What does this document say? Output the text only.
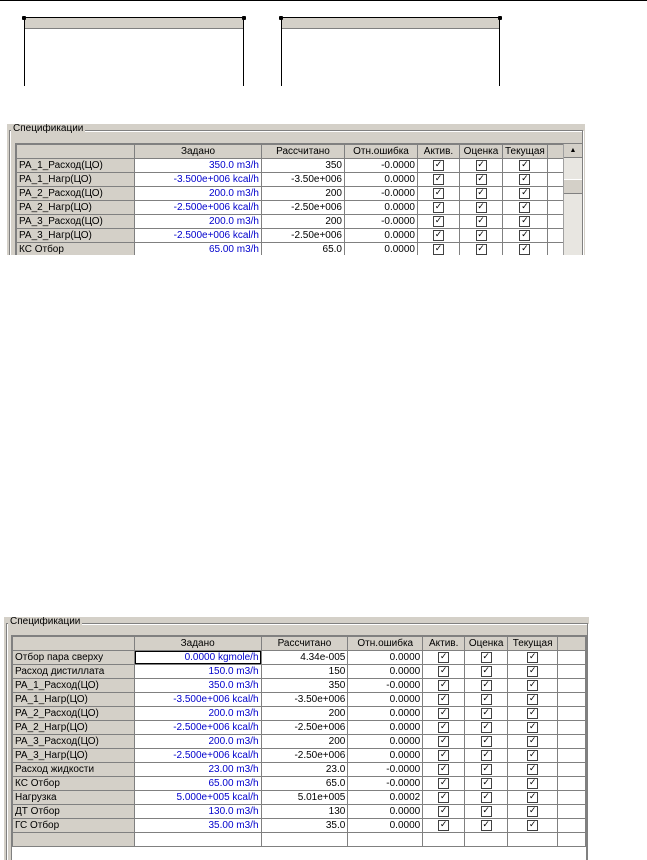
Спецификации
	Задано	Рассчитано	Отн.ошибка	Актив.	Оценка	Текущая	
PA_1_Расход(ЦО)	350.0 m3/h	350	-0.0000	✓	✓	✓	
PA_1_Нагр(ЦО)	-3.500e+006 kcal/h	-3.50e+006	0.0000	✓	✓	✓	
PA_2_Расход(ЦО)	200.0 m3/h	200	-0.0000	✓	✓	✓	
PA_2_Нагр(ЦО)	-2.500e+006 kcal/h	-2.50e+006	0.0000	✓	✓	✓	
PA_3_Расход(ЦО)	200.0 m3/h	200	-0.0000	✓	✓	✓	
PA_3_Нагр(ЦО)	-2.500e+006 kcal/h	-2.50e+006	0.0000	✓	✓	✓	
КС Отбор	65.00 m3/h	65.0	0.0000	✓	✓	✓	
▲
Спецификации
	Задано	Рассчитано	Отн.ошибка	Актив.	Оценка	Текущая	
Отбор пара сверху	0.0000 kgmole/h	4.34e-005	0.0000	✓	✓	✓	
Расход дистиллата	150.0 m3/h	150	0.0000	✓	✓	✓	
PA_1_Расход(ЦО)	350.0 m3/h	350	-0.0000	✓	✓	✓	
PA_1_Нагр(ЦО)	-3.500e+006 kcal/h	-3.50e+006	0.0000	✓	✓	✓	
PA_2_Расход(ЦО)	200.0 m3/h	200	0.0000	✓	✓	✓	
PA_2_Нагр(ЦО)	-2.500e+006 kcal/h	-2.50e+006	0.0000	✓	✓	✓	
PA_3_Расход(ЦО)	200.0 m3/h	200	0.0000	✓	✓	✓	
PA_3_Нагр(ЦО)	-2.500e+006 kcal/h	-2.50e+006	0.0000	✓	✓	✓	
Расход жидкости	23.00 m3/h	23.0	-0.0000	✓	✓	✓	
КС Отбор	65.00 m3/h	65.0	-0.0000	✓	✓	✓	
Нагрузка	5.000e+005 kcal/h	5.01e+005	0.0002	✓	✓	✓	
ДТ Отбор	130.0 m3/h	130	0.0000	✓	✓	✓	
ГС Отбор	35.00 m3/h	35.0	0.0000	✓	✓	✓	
